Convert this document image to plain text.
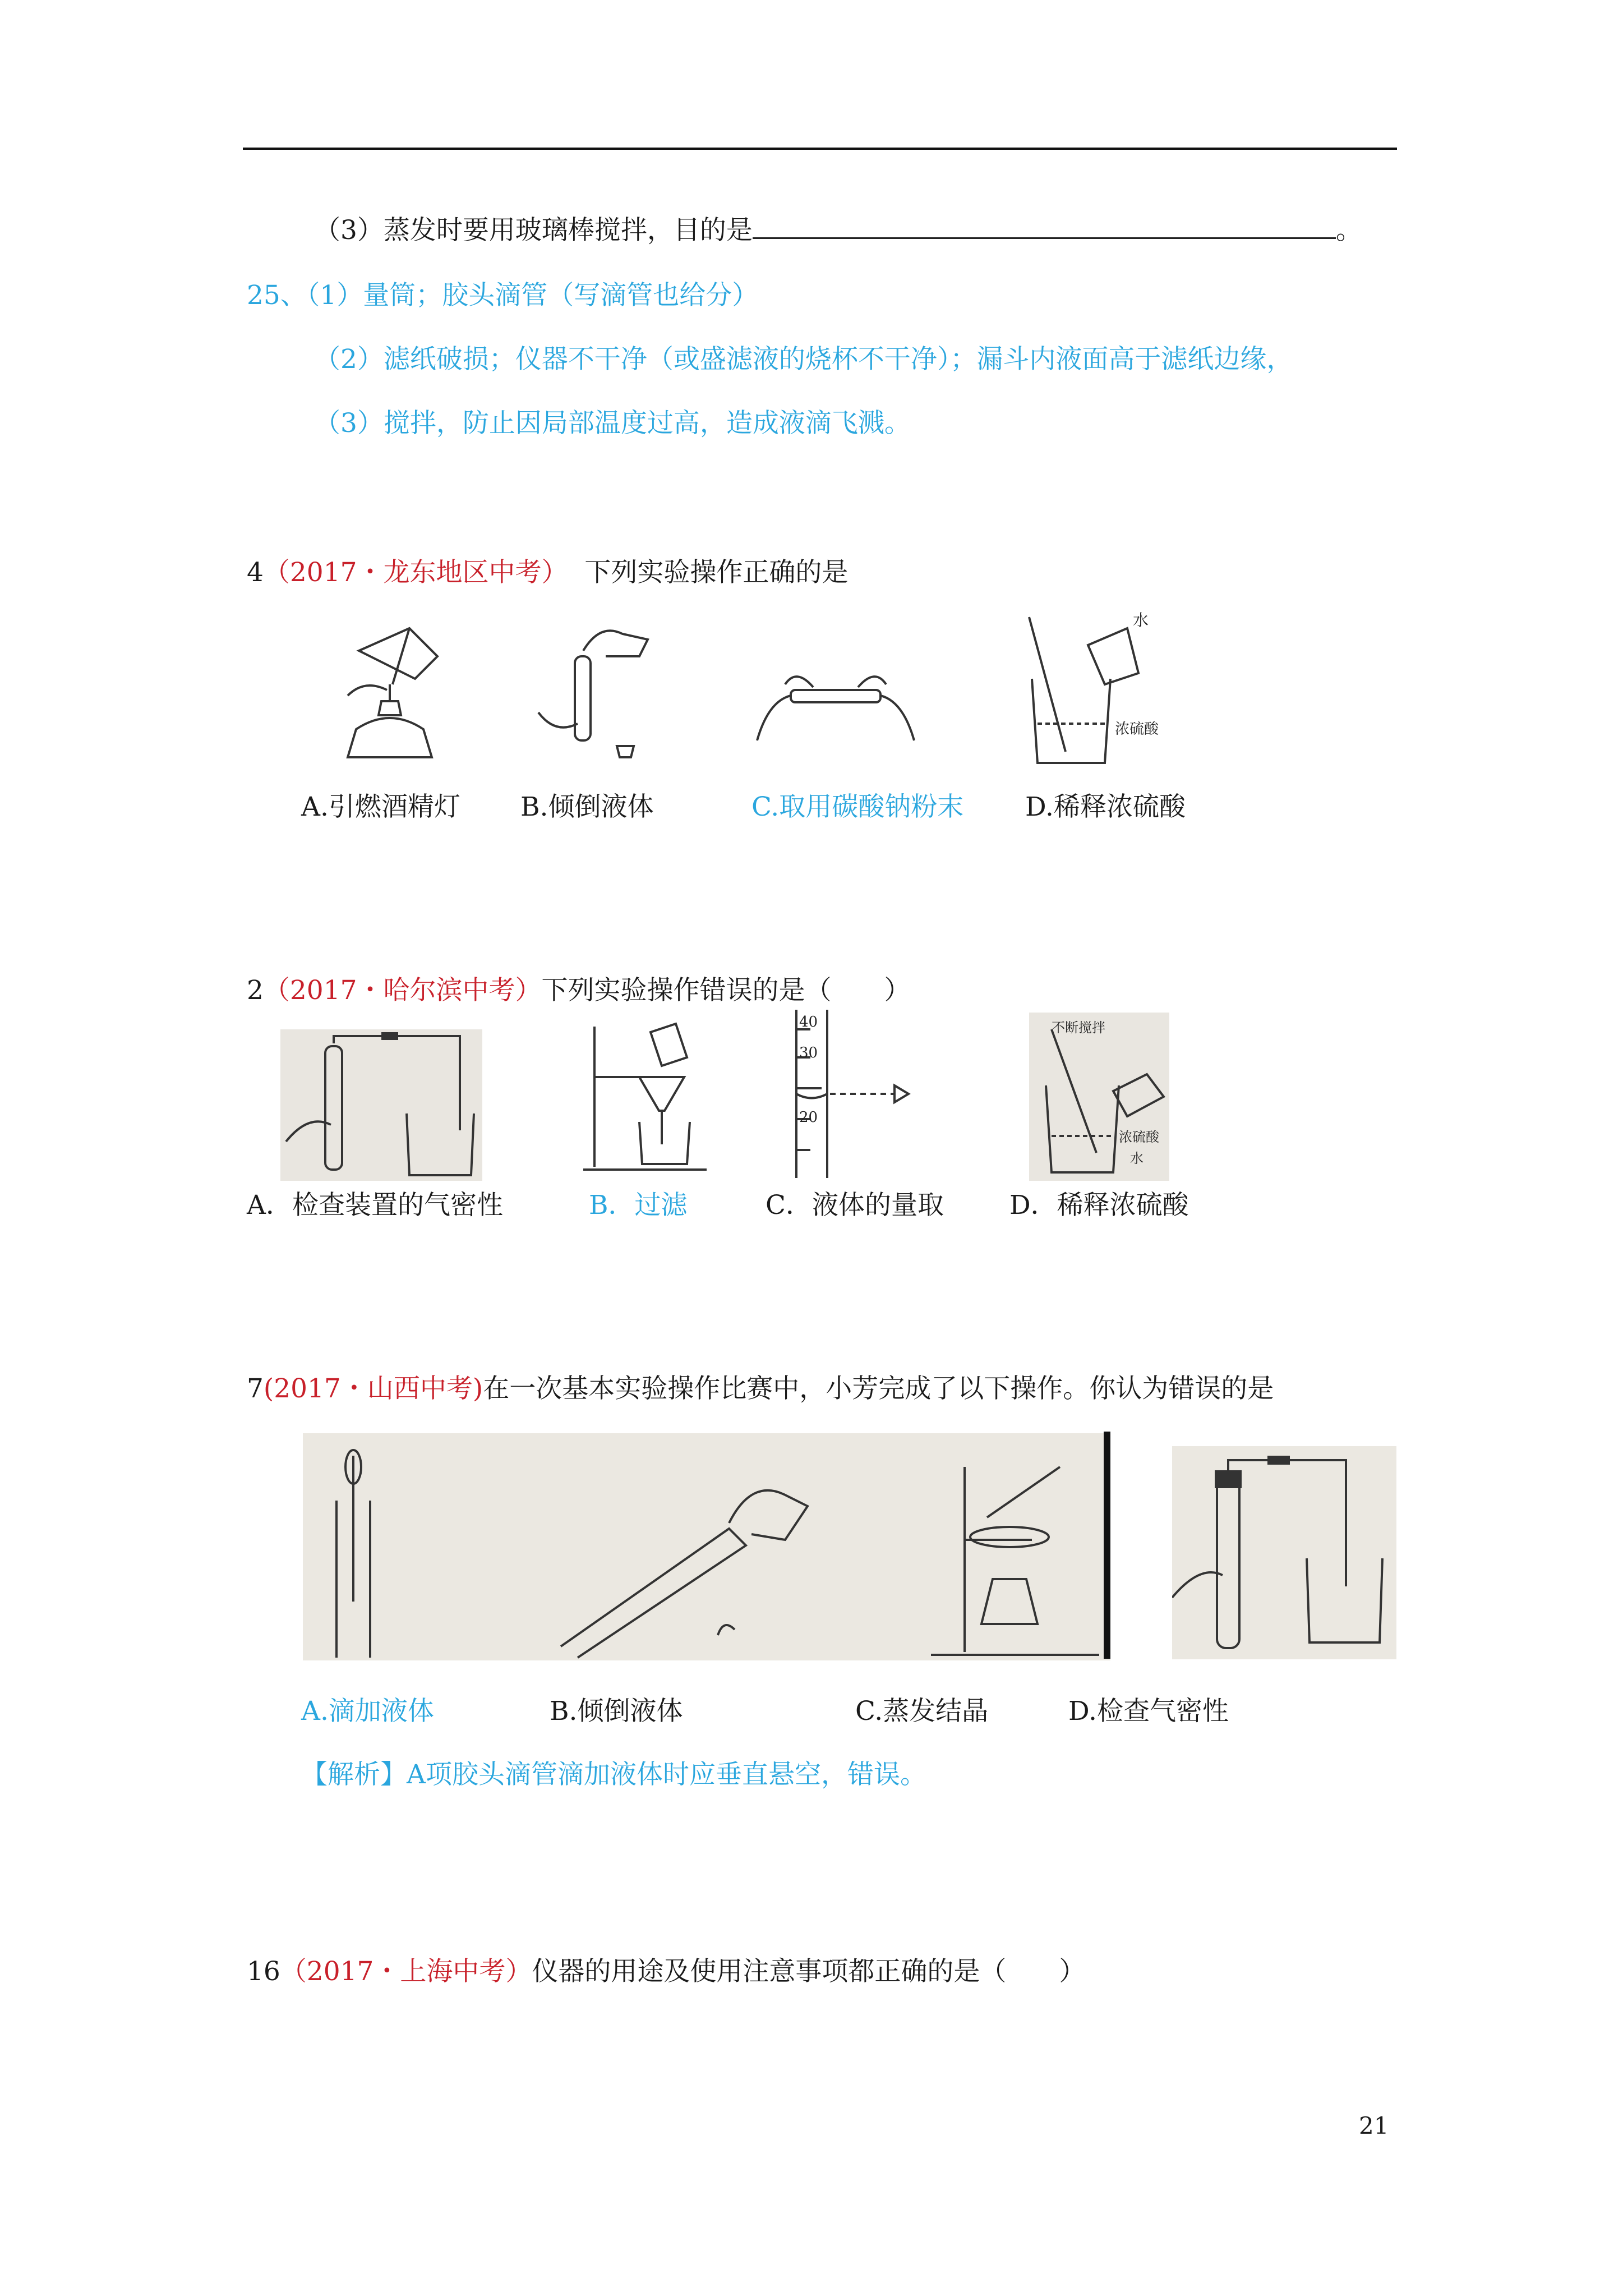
（3）蒸发时要用玻璃棒搅拌，目的是	。
25、（1）量筒；胶头滴管（写滴管也给分）
（2）滤纸破损；仪器不干净（或盛滤液的烧杯不干净）；漏斗内液面高于滤纸边缘，
（3）搅拌，防止因局部温度过高，造成液滴飞溅。
4（2017・龙东地区中考） 下列实验操作正确的是
水
浓硫酸
A.引燃酒精灯 B.倾倒液体	C.取用碳酸钠粉末 D.稀释浓硫酸
2（2017・哈尔滨中考）下列实验操作错误的是（　　）
40
30
20
不断搅拌
浓硫酸
水
A．检查装置的气密性	B．过滤	C．液体的量取 D．稀释浓硫酸
7(2017・山西中考)在一次基本实验操作比赛中，小芳完成了以下操作。你认为错误的是
A.滴加液体	B.倾倒液体	C.蒸发结晶	D.检查气密性
【解析】A项胶头滴管滴加液体时应垂直悬空，错误。
16（2017・上海中考）仪器的用途及使用注意事项都正确的是（　　）
21
